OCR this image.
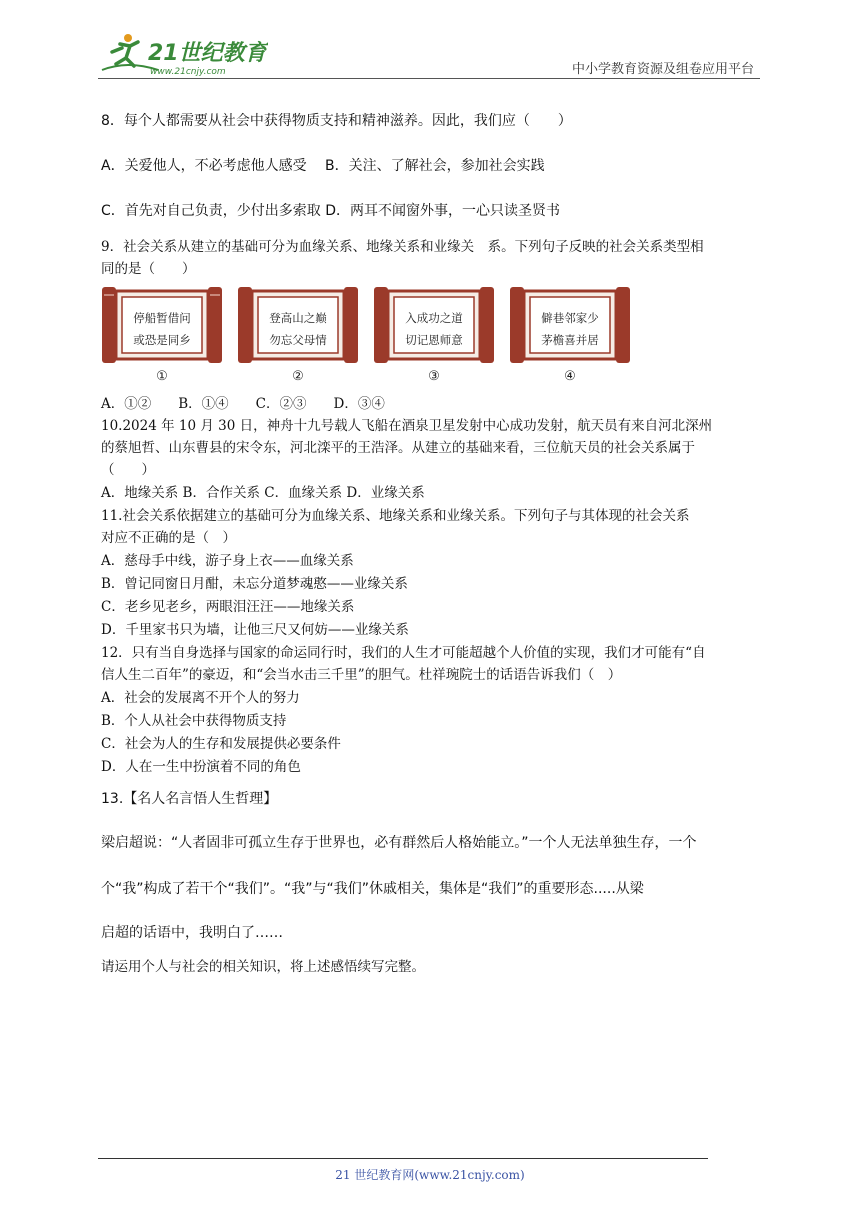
21世纪教育
www.21cnjy.com	中小学教育资源及组卷应用平台
8．每个人都需要从社会中获得物质支持和精神滋养。因此，我们应（　　）
A．关爱他人，不必考虑他人感受　 B．关注、了解社会，参加社会实践
C．首先对自己负责，少付出多索取 D．两耳不闻窗外事，一心只读圣贤书
9．社会关系从建立的基础可分为血缘关系、地缘关系和业缘关　系。下列句子反映的社会关系类型相
同的是（　　）
停船暂借问
或恐是同乡
①
登高山之巅
勿忘父母情
②
入成功之道
切记恩师意
③
僻巷邻家少
茅檐喜并居
④
A．①②　　B．①④　　C．②③　　D．③④
10.2024 年 10 月 30 日，神舟十九号载人飞船在酒泉卫星发射中心成功发射，航天员有来自河北深州
的蔡旭哲、山东曹县的宋令东，河北滦平的王浩泽。从建立的基础来看，三位航天员的社会关系属于
（　　）
A．地缘关系 B．合作关系 C．血缘关系 D．业缘关系
11.社会关系依据建立的基础可分为血缘关系、地缘关系和业缘关系。下列句子与其体现的社会关系
对应不正确的是（　）
A．慈母手中线，游子身上衣——血缘关系
B．曾记同窗日月酣，未忘分道梦魂憨——业缘关系
C．老乡见老乡，两眼泪汪汪——地缘关系
D．千里家书只为墙，让他三尺又何妨——业缘关系
12．只有当自身选择与国家的命运同行时，我们的人生才可能超越个人价值的实现，我们才可能有“自
信人生二百年”的豪迈，和“会当水击三千里”的胆气。杜祥琬院士的话语告诉我们（　）
A．社会的发展离不开个人的努力
B．个人从社会中获得物质支持
C．社会为人的生存和发展提供必要条件
D．人在一生中扮演着不同的角色
13.【名人名言悟人生哲理】
梁启超说：“人者固非可孤立生存于世界也，必有群然后人格始能立。”一个人无法单独生存，一个
个“我”构成了若干个“我们”。“我”与“我们”休戚相关，集体是“我们”的重要形态.....从梁
启超的话语中，我明白了……
请运用个人与社会的相关知识，将上述感悟续写完整。
21 世纪教育网(www.21cnjy.com)
